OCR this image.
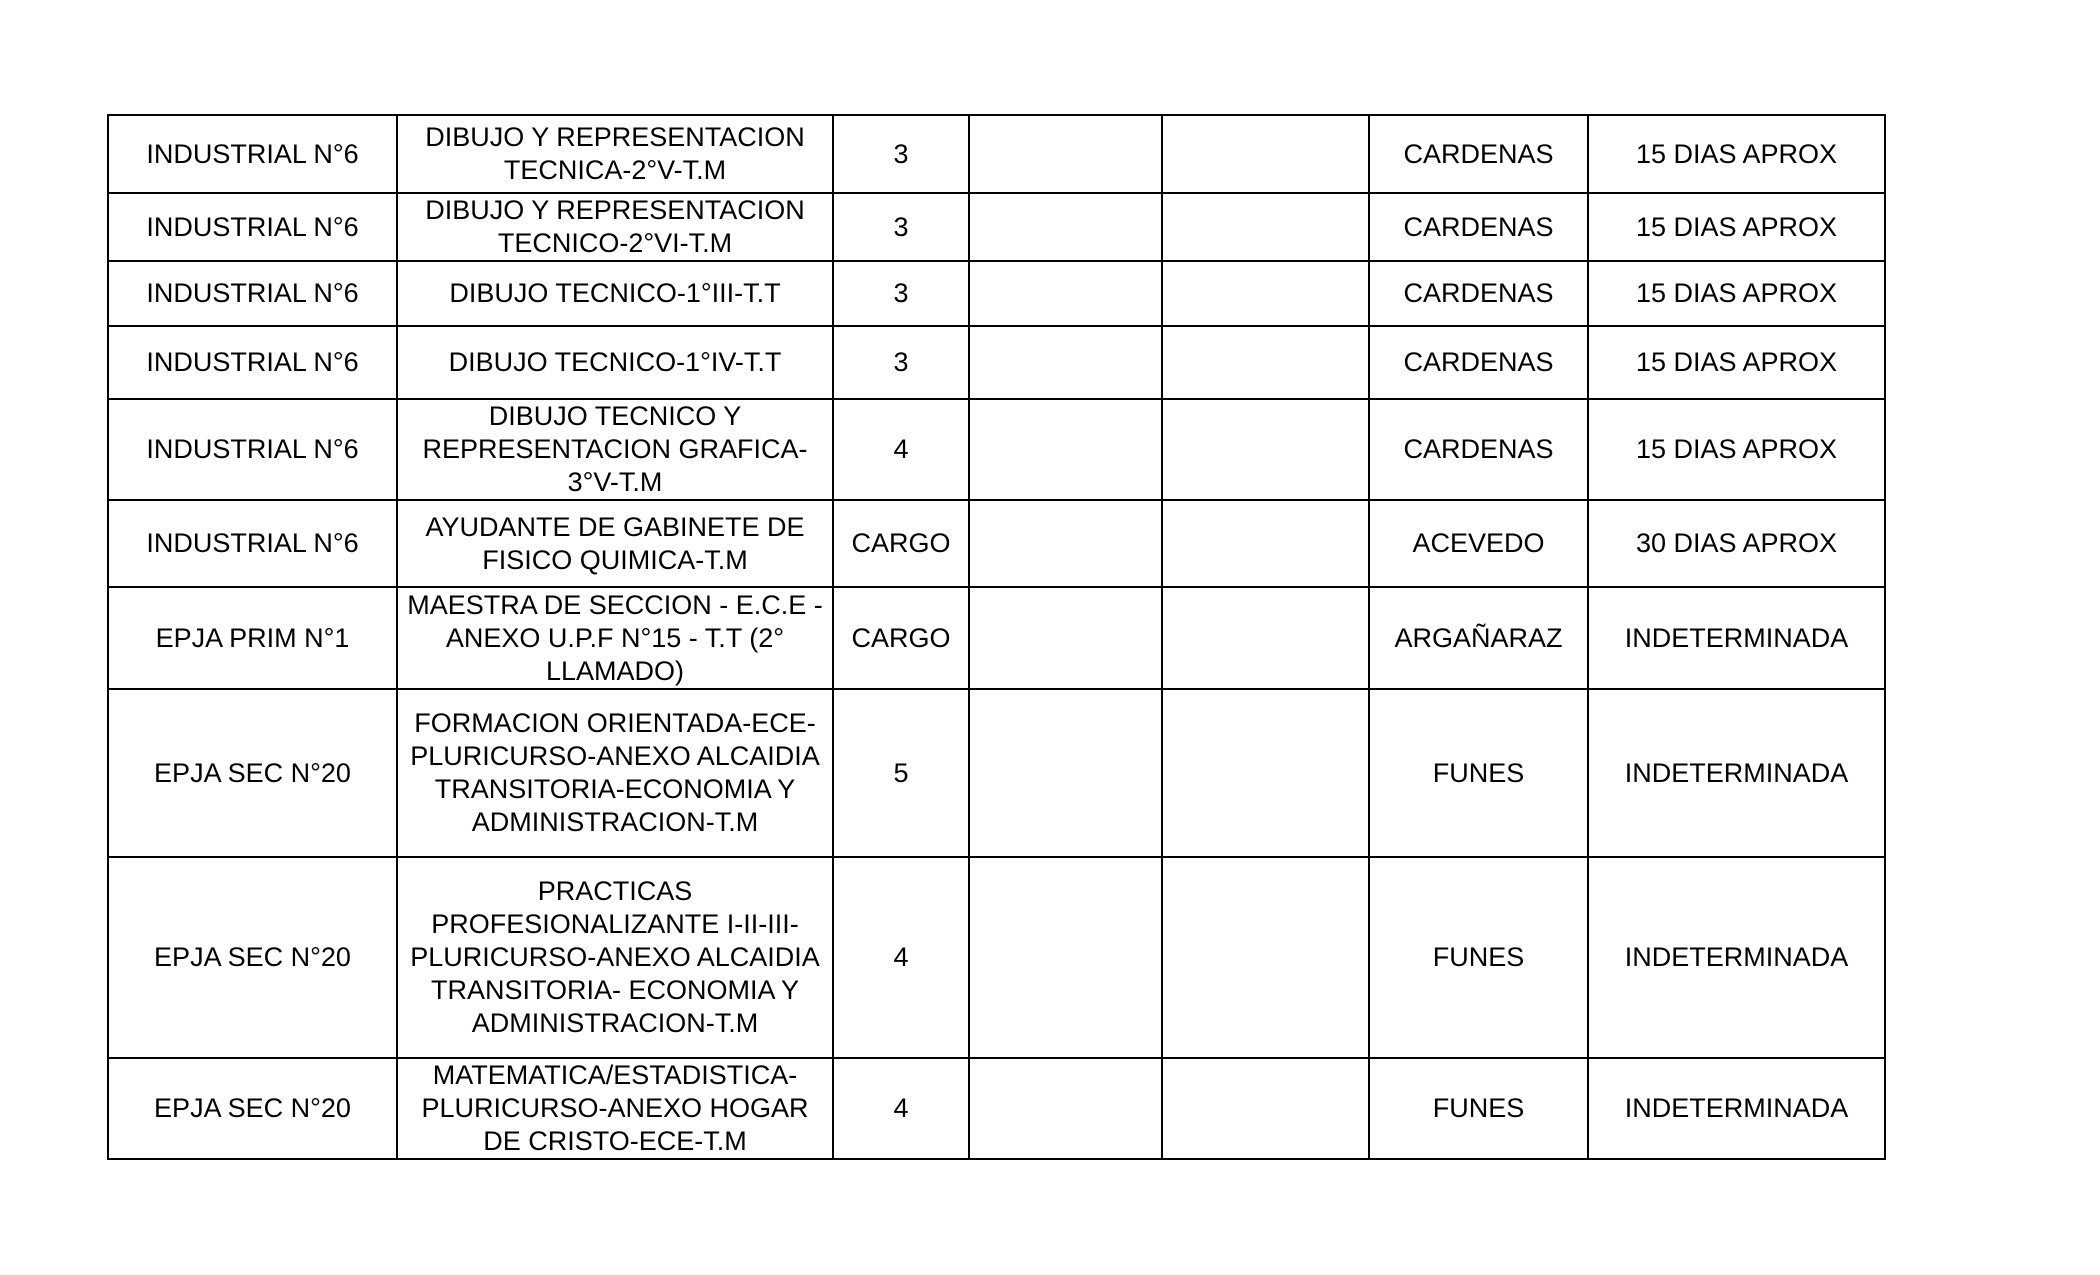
INDUSTRIAL N°6	DIBUJO Y REPRESENTACION
TECNICA-2°V-T.M	3			CARDENAS	15 DIAS APROX
INDUSTRIAL N°6	DIBUJO Y REPRESENTACION
TECNICO-2°VI-T.M	3			CARDENAS	15 DIAS APROX
INDUSTRIAL N°6	DIBUJO TECNICO-1°III-T.T	3			CARDENAS	15 DIAS APROX
INDUSTRIAL N°6	DIBUJO TECNICO-1°IV-T.T	3			CARDENAS	15 DIAS APROX
INDUSTRIAL N°6	DIBUJO TECNICO Y
REPRESENTACION GRAFICA-
3°V-T.M	4			CARDENAS	15 DIAS APROX
INDUSTRIAL N°6	AYUDANTE DE GABINETE DE
FISICO QUIMICA-T.M	CARGO			ACEVEDO	30 DIAS APROX
EPJA PRIM N°1	MAESTRA DE SECCION - E.C.E -
ANEXO U.P.F N°15 - T.T (2°
LLAMADO)	CARGO			ARGAÑARAZ	INDETERMINADA
EPJA SEC N°20	FORMACION ORIENTADA-ECE-
PLURICURSO-ANEXO ALCAIDIA
TRANSITORIA-ECONOMIA Y
ADMINISTRACION-T.M	5			FUNES	INDETERMINADA
EPJA SEC N°20	PRACTICAS
PROFESIONALIZANTE I-II-III-
PLURICURSO-ANEXO ALCAIDIA
TRANSITORIA- ECONOMIA Y
ADMINISTRACION-T.M	4			FUNES	INDETERMINADA
EPJA SEC N°20	MATEMATICA/ESTADISTICA-
PLURICURSO-ANEXO HOGAR
DE CRISTO-ECE-T.M	4			FUNES	INDETERMINADA
